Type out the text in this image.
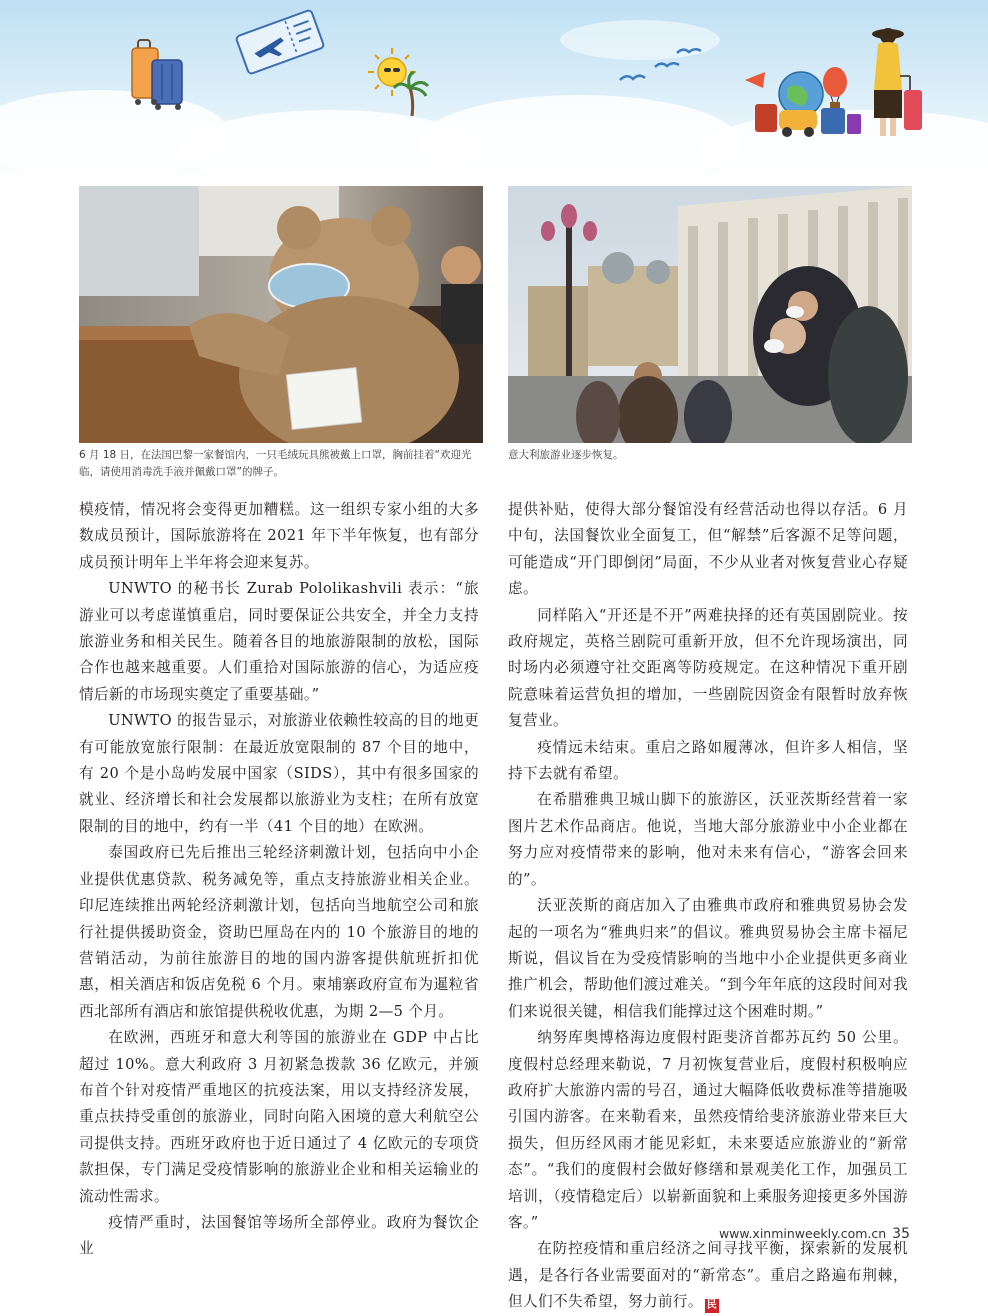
6 月 18 日，在法国巴黎一家餐馆内，一只毛绒玩具熊被戴上口罩，胸前挂着“欢迎光临，请使用消毒洗手液并佩戴口罩”的牌子。
意大利旅游业逐步恢复。

模疫情，情况将会变得更加糟糕。这一组织专家小组的大多数成员预计，国际旅游将在 2021 年下半年恢复，也有部分成员预计明年上半年将会迎来复苏。

UNWTO 的秘书长 Zurab Pololikashvili 表示：“旅游业可以考虑谨慎重启，同时要保证公共安全，并全力支持旅游业务和相关民生。随着各目的地旅游限制的放松，国际合作也越来越重要。人们重拾对国际旅游的信心，为适应疫情后新的市场现实奠定了重要基础。”

UNWTO 的报告显示，对旅游业依赖性较高的目的地更有可能放宽旅行限制：在最近放宽限制的 87 个目的地中，有 20 个是小岛屿发展中国家（SIDS），其中有很多国家的就业、经济增长和社会发展都以旅游业为支柱；在所有放宽限制的目的地中，约有一半（41 个目的地）在欧洲。

泰国政府已先后推出三轮经济刺激计划，包括向中小企业提供优惠贷款、税务减免等，重点支持旅游业相关企业。印尼连续推出两轮经济刺激计划，包括向当地航空公司和旅行社提供援助资金，资助巴厘岛在内的 10 个旅游目的地的营销活动，为前往旅游目的地的国内游客提供航班折扣优惠，相关酒店和饭店免税 6 个月。柬埔寨政府宣布为暹粒省西北部所有酒店和旅馆提供税收优惠，为期 2—5 个月。

在欧洲，西班牙和意大利等国的旅游业在 GDP 中占比超过 10%。意大利政府 3 月初紧急拨款 36 亿欧元，并颁布首个针对疫情严重地区的抗疫法案，用以支持经济发展，重点扶持受重创的旅游业，同时向陷入困境的意大利航空公司提供支持。西班牙政府也于近日通过了 4 亿欧元的专项贷款担保，专门满足受疫情影响的旅游业企业和相关运输业的流动性需求。

疫情严重时，法国餐馆等场所全部停业。政府为餐饮企业

提供补贴，使得大部分餐馆没有经营活动也得以存活。6 月中旬，法国餐饮业全面复工，但“解禁”后客源不足等问题，可能造成“开门即倒闭”局面，不少从业者对恢复营业心存疑虑。

同样陷入“开还是不开”两难抉择的还有英国剧院业。按政府规定，英格兰剧院可重新开放，但不允许现场演出，同时场内必须遵守社交距离等防疫规定。在这种情况下重开剧院意味着运营负担的增加，一些剧院因资金有限暂时放弃恢复营业。

疫情远未结束。重启之路如履薄冰，但许多人相信，坚持下去就有希望。

在希腊雅典卫城山脚下的旅游区，沃亚茨斯经营着一家图片艺术作品商店。他说，当地大部分旅游业中小企业都在努力应对疫情带来的影响，他对未来有信心，“游客会回来的”。

沃亚茨斯的商店加入了由雅典市政府和雅典贸易协会发起的一项名为“雅典归来”的倡议。雅典贸易协会主席卡福尼斯说，倡议旨在为受疫情影响的当地中小企业提供更多商业推广机会，帮助他们渡过难关。“到今年年底的这段时间对我们来说很关键，相信我们能撑过这个困难时期。”

纳努库奥博格海边度假村距斐济首都苏瓦约 50 公里。度假村总经理来勒说，7 月初恢复营业后，度假村积极响应政府扩大旅游内需的号召，通过大幅降低收费标准等措施吸引国内游客。在来勒看来，虽然疫情给斐济旅游业带来巨大损失，但历经风雨才能见彩虹，未来要适应旅游业的“新常态”。“我们的度假村会做好修缮和景观美化工作，加强员工培训，（疫情稳定后）以崭新面貌和上乘服务迎接更多外国游客。”

在防控疫情和重启经济之间寻找平衡，探索新的发展机遇，是各行各业需要面对的“新常态”。重启之路遍布荆棘，但人们不失希望，努力前行。 民

www.xinminweekly.com.cn 35
